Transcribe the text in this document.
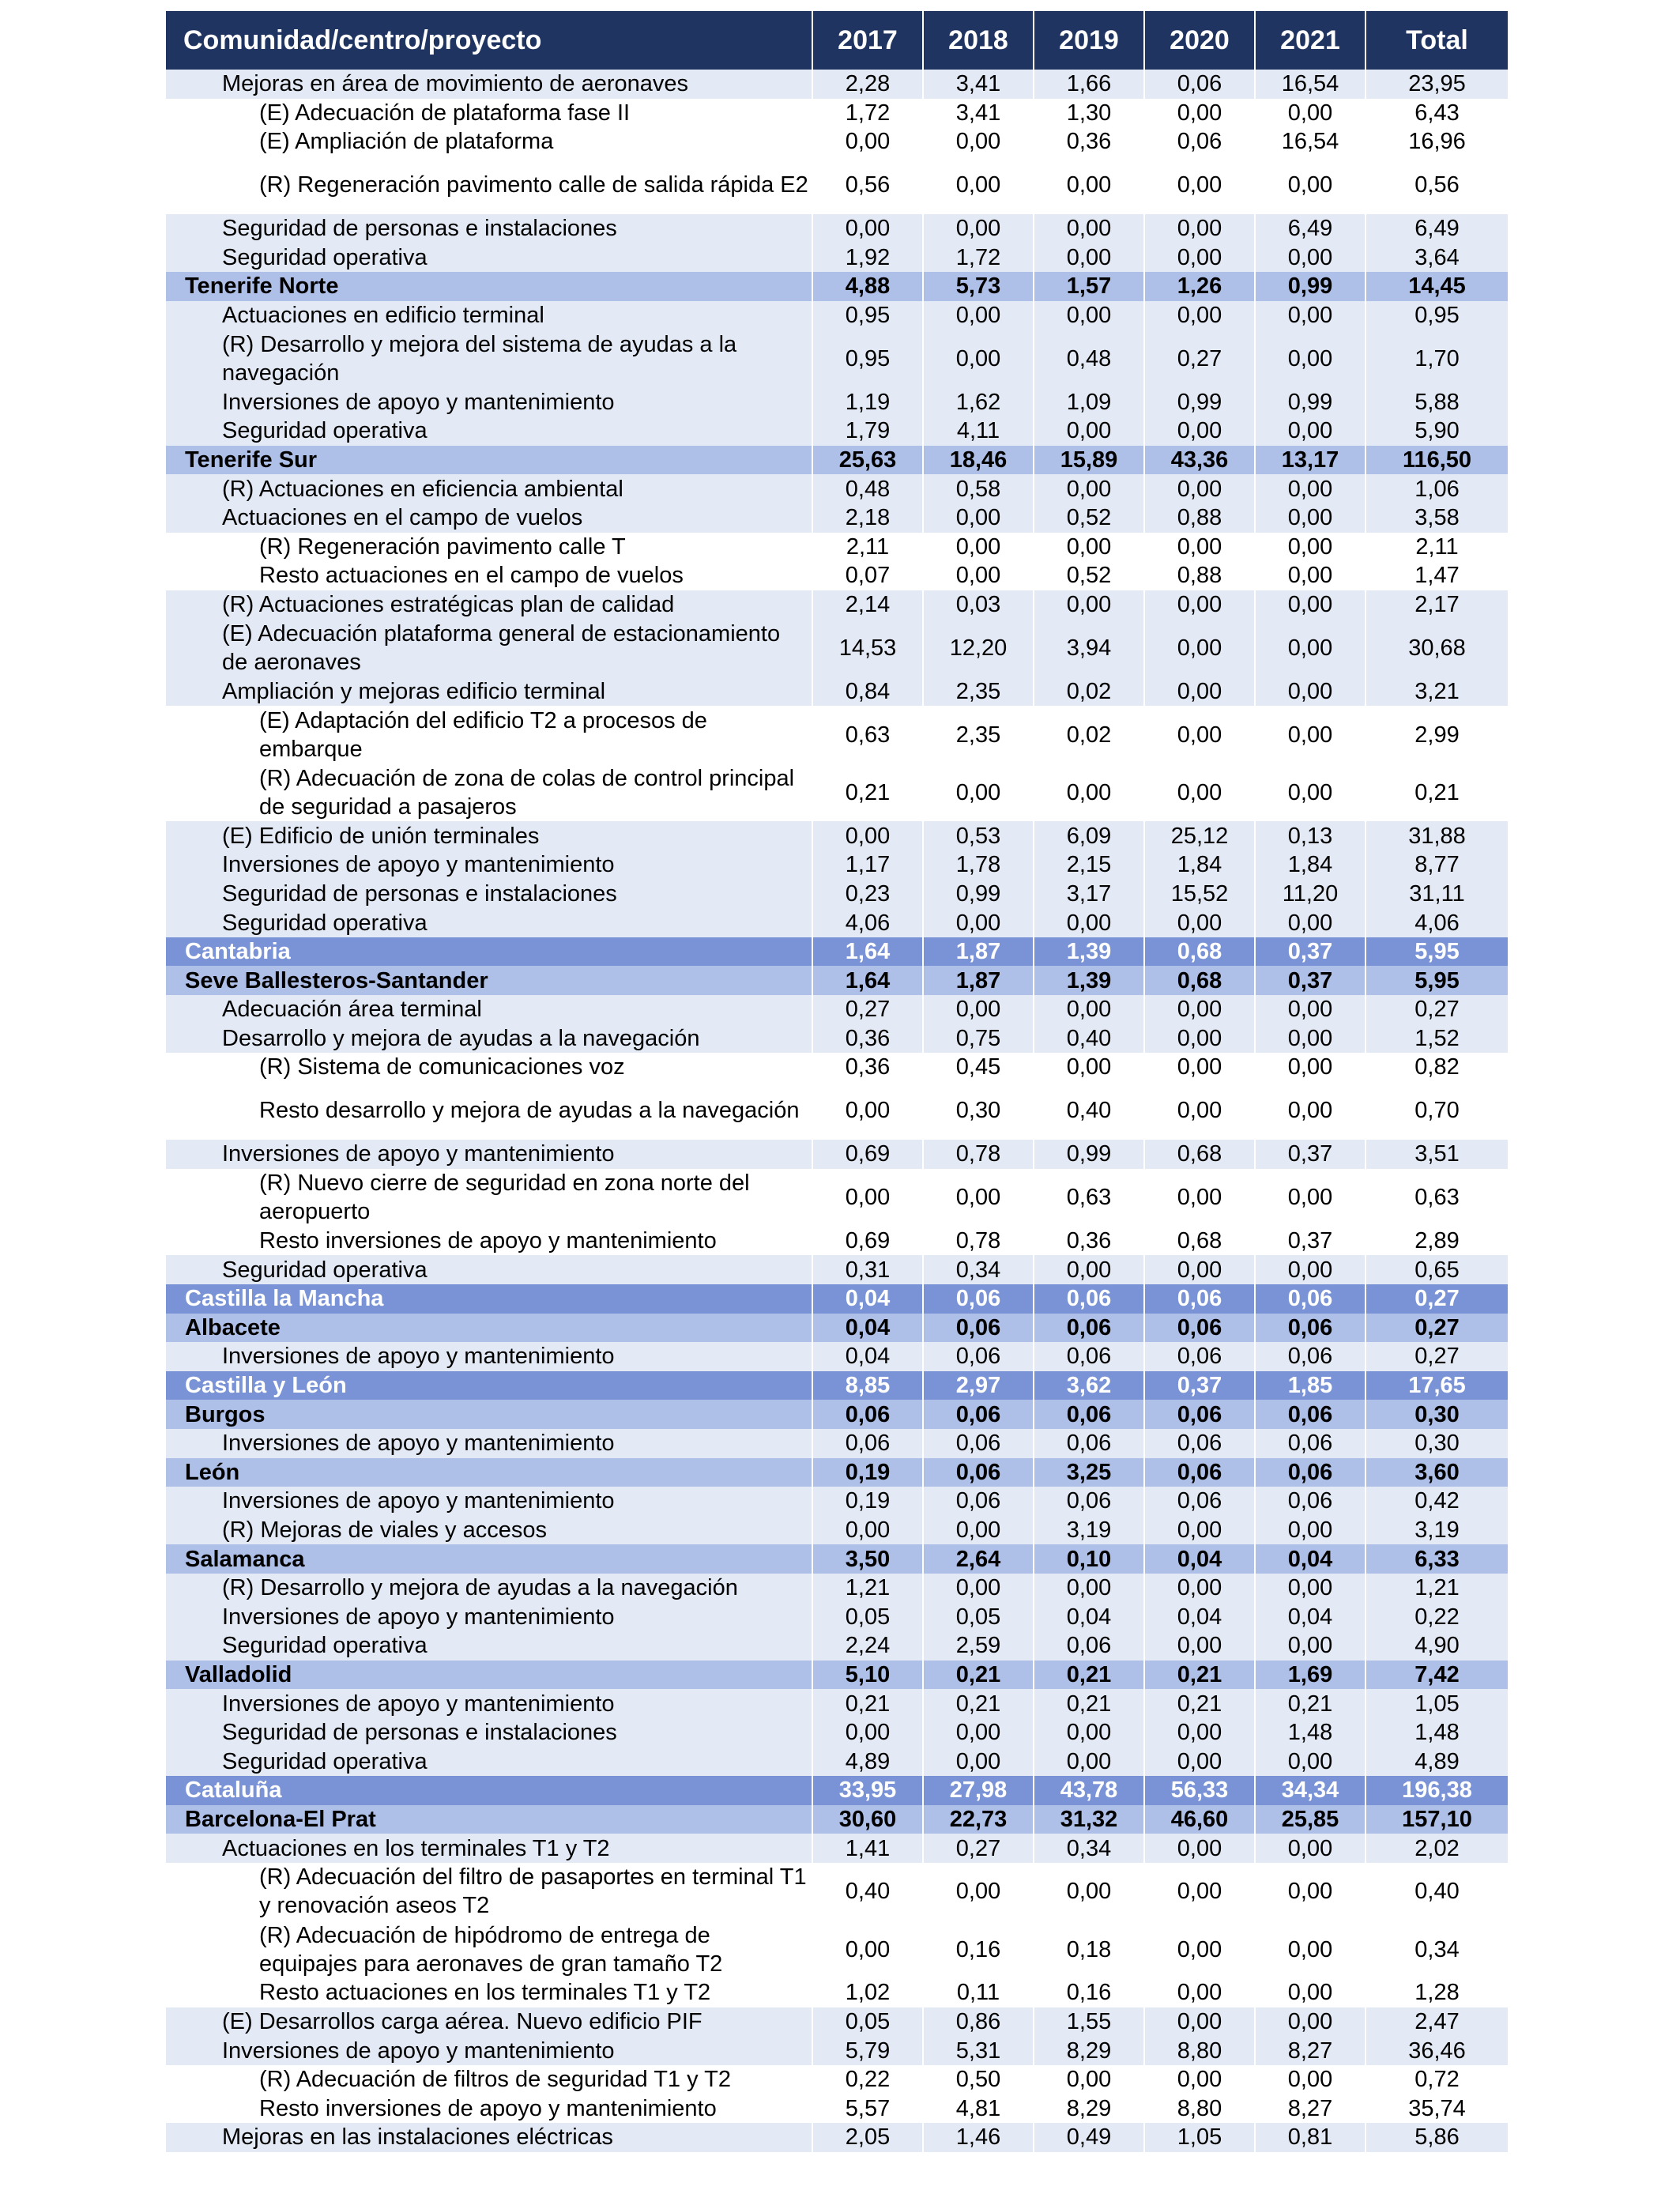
Comunidad/centro/proyecto	2017	2018	2019	2020	2021	Total
Mejoras en área de movimiento de aeronaves	2,28	3,41	1,66	0,06	16,54	23,95
(E) Adecuación de plataforma fase II	1,72	3,41	1,30	0,00	0,00	6,43
(E) Ampliación de plataforma	0,00	0,00	0,36	0,06	16,54	16,96
(R) Regeneración pavimento calle de salida rápida E2	0,56	0,00	0,00	0,00	0,00	0,56
Seguridad de personas e instalaciones	0,00	0,00	0,00	0,00	6,49	6,49
Seguridad operativa	1,92	1,72	0,00	0,00	0,00	3,64
Tenerife Norte	4,88	5,73	1,57	1,26	0,99	14,45
Actuaciones en edificio terminal	0,95	0,00	0,00	0,00	0,00	0,95
(R) Desarrollo y mejora del sistema de ayudas a la navegación	0,95	0,00	0,48	0,27	0,00	1,70
Inversiones de apoyo y mantenimiento	1,19	1,62	1,09	0,99	0,99	5,88
Seguridad operativa	1,79	4,11	0,00	0,00	0,00	5,90
Tenerife Sur	25,63	18,46	15,89	43,36	13,17	116,50
(R) Actuaciones en eficiencia ambiental	0,48	0,58	0,00	0,00	0,00	1,06
Actuaciones en el campo de vuelos	2,18	0,00	0,52	0,88	0,00	3,58
(R) Regeneración pavimento calle T	2,11	0,00	0,00	0,00	0,00	2,11
Resto actuaciones en el campo de vuelos	0,07	0,00	0,52	0,88	0,00	1,47
(R) Actuaciones estratégicas plan de calidad	2,14	0,03	0,00	0,00	0,00	2,17
(E) Adecuación plataforma general de estacionamiento de aeronaves	14,53	12,20	3,94	0,00	0,00	30,68
Ampliación y mejoras edificio terminal	0,84	2,35	0,02	0,00	0,00	3,21
(E) Adaptación del edificio T2 a procesos de embarque	0,63	2,35	0,02	0,00	0,00	2,99
(R) Adecuación de zona de colas de control principal de seguridad a pasajeros	0,21	0,00	0,00	0,00	0,00	0,21
(E) Edificio de unión terminales	0,00	0,53	6,09	25,12	0,13	31,88
Inversiones de apoyo y mantenimiento	1,17	1,78	2,15	1,84	1,84	8,77
Seguridad de personas e instalaciones	0,23	0,99	3,17	15,52	11,20	31,11
Seguridad operativa	4,06	0,00	0,00	0,00	0,00	4,06
Cantabria	1,64	1,87	1,39	0,68	0,37	5,95
Seve Ballesteros-Santander	1,64	1,87	1,39	0,68	0,37	5,95
Adecuación área terminal	0,27	0,00	0,00	0,00	0,00	0,27
Desarrollo y mejora de ayudas a la navegación	0,36	0,75	0,40	0,00	0,00	1,52
(R) Sistema de comunicaciones voz	0,36	0,45	0,00	0,00	0,00	0,82
Resto desarrollo y mejora de ayudas a la navegación	0,00	0,30	0,40	0,00	0,00	0,70
Inversiones de apoyo y mantenimiento	0,69	0,78	0,99	0,68	0,37	3,51
(R) Nuevo cierre de seguridad en zona norte del aeropuerto	0,00	0,00	0,63	0,00	0,00	0,63
Resto inversiones de apoyo y mantenimiento	0,69	0,78	0,36	0,68	0,37	2,89
Seguridad operativa	0,31	0,34	0,00	0,00	0,00	0,65
Castilla la Mancha	0,04	0,06	0,06	0,06	0,06	0,27
Albacete	0,04	0,06	0,06	0,06	0,06	0,27
Inversiones de apoyo y mantenimiento	0,04	0,06	0,06	0,06	0,06	0,27
Castilla y León	8,85	2,97	3,62	0,37	1,85	17,65
Burgos	0,06	0,06	0,06	0,06	0,06	0,30
Inversiones de apoyo y mantenimiento	0,06	0,06	0,06	0,06	0,06	0,30
León	0,19	0,06	3,25	0,06	0,06	3,60
Inversiones de apoyo y mantenimiento	0,19	0,06	0,06	0,06	0,06	0,42
(R) Mejoras de viales y accesos	0,00	0,00	3,19	0,00	0,00	3,19
Salamanca	3,50	2,64	0,10	0,04	0,04	6,33
(R) Desarrollo y mejora de ayudas a la navegación	1,21	0,00	0,00	0,00	0,00	1,21
Inversiones de apoyo y mantenimiento	0,05	0,05	0,04	0,04	0,04	0,22
Seguridad operativa	2,24	2,59	0,06	0,00	0,00	4,90
Valladolid	5,10	0,21	0,21	0,21	1,69	7,42
Inversiones de apoyo y mantenimiento	0,21	0,21	0,21	0,21	0,21	1,05
Seguridad de personas e instalaciones	0,00	0,00	0,00	0,00	1,48	1,48
Seguridad operativa	4,89	0,00	0,00	0,00	0,00	4,89
Cataluña	33,95	27,98	43,78	56,33	34,34	196,38
Barcelona-El Prat	30,60	22,73	31,32	46,60	25,85	157,10
Actuaciones en los terminales T1 y T2	1,41	0,27	0,34	0,00	0,00	2,02
(R) Adecuación del filtro de pasaportes en terminal T1 y renovación aseos T2	0,40	0,00	0,00	0,00	0,00	0,40
(R) Adecuación de hipódromo de entrega de equipajes para aeronaves de gran tamaño T2	0,00	0,16	0,18	0,00	0,00	0,34
Resto actuaciones en los terminales T1 y T2	1,02	0,11	0,16	0,00	0,00	1,28
(E) Desarrollos carga aérea. Nuevo edificio PIF	0,05	0,86	1,55	0,00	0,00	2,47
Inversiones de apoyo y mantenimiento	5,79	5,31	8,29	8,80	8,27	36,46
(R) Adecuación de filtros de seguridad T1 y T2	0,22	0,50	0,00	0,00	0,00	0,72
Resto inversiones de apoyo y mantenimiento	5,57	4,81	8,29	8,80	8,27	35,74
Mejoras en las instalaciones eléctricas	2,05	1,46	0,49	1,05	0,81	5,86
